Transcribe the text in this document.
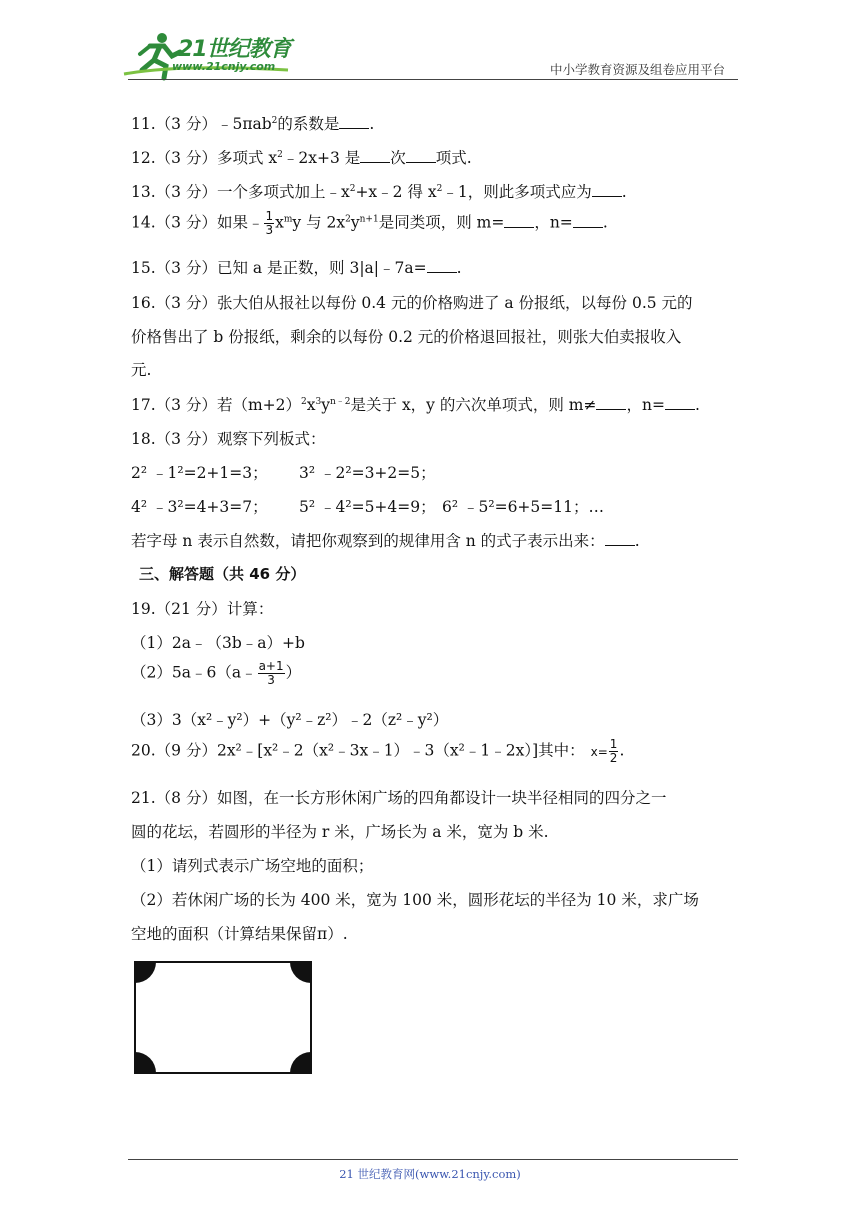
21世纪教育
www.21cnjy.com	中小学教育资源及组卷应用平台
11.（3 分）﹣5πab$^2$的系数是 .
12.（3 分）多项式 $x^2﹣2x+3$ 是 次 项式.
13.（3 分）一个多项式加上$﹣x^2+x﹣2$ 得 $x^2﹣1$，则此多项式应为 .
14.（3 分）如果﹣ $\frac{1}{3} x^my$ 与 $2x^2y^{n+1}$是同类项，则 m= ，n= .
15.（3 分）已知 a 是正数，则 3|a|﹣7a= .
16.（3 分）张大伯从报社以每份 0.4 元的价格购进了 a 份报纸，以每份 0.5 元的
价格售出了 b 份报纸，剩余的以每份 0.2 元的价格退回报社，则张大伯卖报收入
元.
17.（3 分）若$(m+2)^2x^3y^{n﹣2}$是关于 x，y 的六次单项式，则 m≠ ，n= .
18.（3 分）观察下列板式：
2² ﹣1²=2+1=3； 3² ﹣2²=3+2=5；
4² ﹣3²=4+3=7； 5² ﹣4²=5+4=9； 6² ﹣5²=6+5=11；…
若字母 n 表示自然数，请把你观察到的规律用含 n 的式子表示出来： .
三、解答题（共 46 分）
19.（21 分）计算：
（1）2a﹣（3b﹣a）+b
（2）5a﹣6（a﹣ $\frac{a+1}{3}$ ）
（3）3（x²﹣y²）+（y²﹣z²）﹣2（z²﹣y²）
20.（9 分）2x²﹣[x²﹣2（x²﹣3x﹣1）﹣3（x²﹣1﹣2x）]其中： $x= \frac{1}{2}$ .
21.（8 分）如图，在一长方形休闲广场的四角都设计一块半径相同的四分之一
圆的花坛，若圆形的半径为 r 米，广场长为 a 米，宽为 b 米.
（1）请列式表示广场空地的面积；
（2）若休闲广场的长为 400 米，宽为 100 米，圆形花坛的半径为 10 米，求广场
空地的面积（计算结果保留π）.
21 世纪教育网(www.21cnjy.com)
